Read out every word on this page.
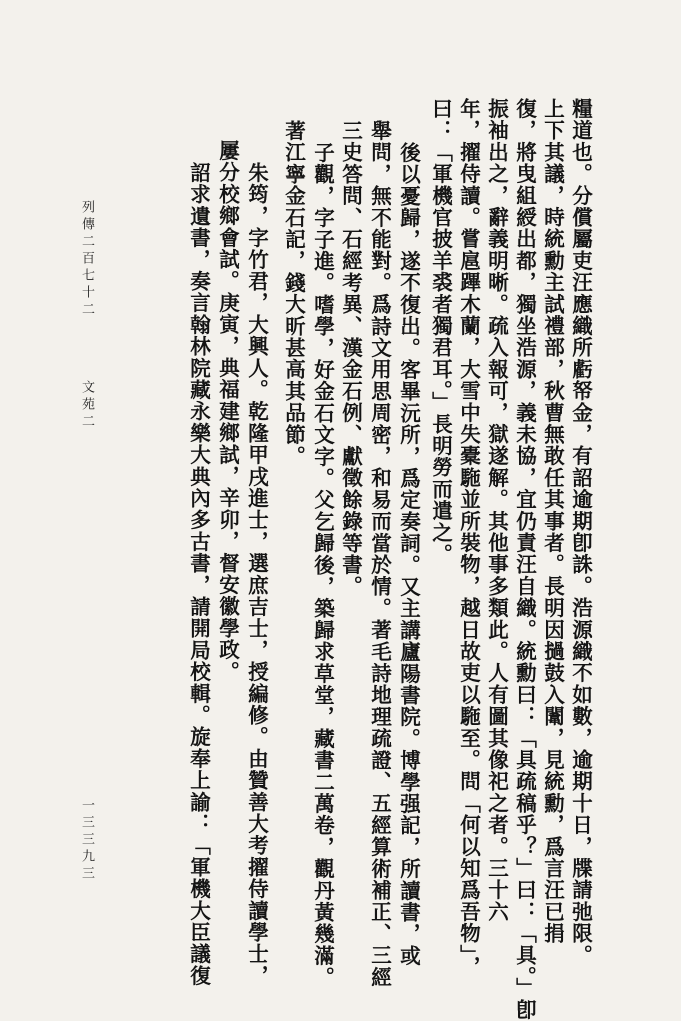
糧道也。分償屬吏汪應織所虧帑金，有詔逾期卽誅。浩源織不如數，逾期十日，牒請弛限。
上下其議，時統勳主試禮部，秋曹無敢任其事者。長明因撾鼓入闈，見統勳，爲言汪已捐
復，將曳組綬出都，獨坐浩源，義未協，宜仍責汪自織。統勳曰：「具疏稿乎？」曰：「具。」卽
振袖出之，辭義明晰。疏入報可，獄遂解。其他事多類此。人有圖其像祀之者。三十六
年，擢侍讀。嘗扈蹕木蘭，大雪中失橐駞並所裝物，越日故吏以駞至。問「何以知爲吾物」，
曰：「軍機官披羊裘者獨君耳。」長明勞而遣之。
後以憂歸，遂不復出。客畢沅所，爲定奏詞。又主講廬陽書院。博學强記，所讀書，或
舉問，無不能對。爲詩文用思周密，和易而當於情。著毛詩地理疏證、五經算術補正、三經
三史答問、石經考異、漢金石例、獻徵餘錄等書。
子觀，字子進。嗜學，好金石文字。父乞歸後，築歸求草堂，藏書二萬卷，觀丹黃幾滿。
著江寧金石記，錢大昕甚高其品節。
朱筠，字竹君，大興人。乾隆甲戌進士，選庶吉士，授編修。由贊善大考擢侍讀學士，
屢分校鄉會試。庚寅，典福建鄉試，辛卯，督安徽學政。
詔求遺書，奏言翰林院藏永樂大典內多古書，請開局校輯。旋奉上諭：「軍機大臣議復
列傳二百七十二
文苑二
一三三九三
